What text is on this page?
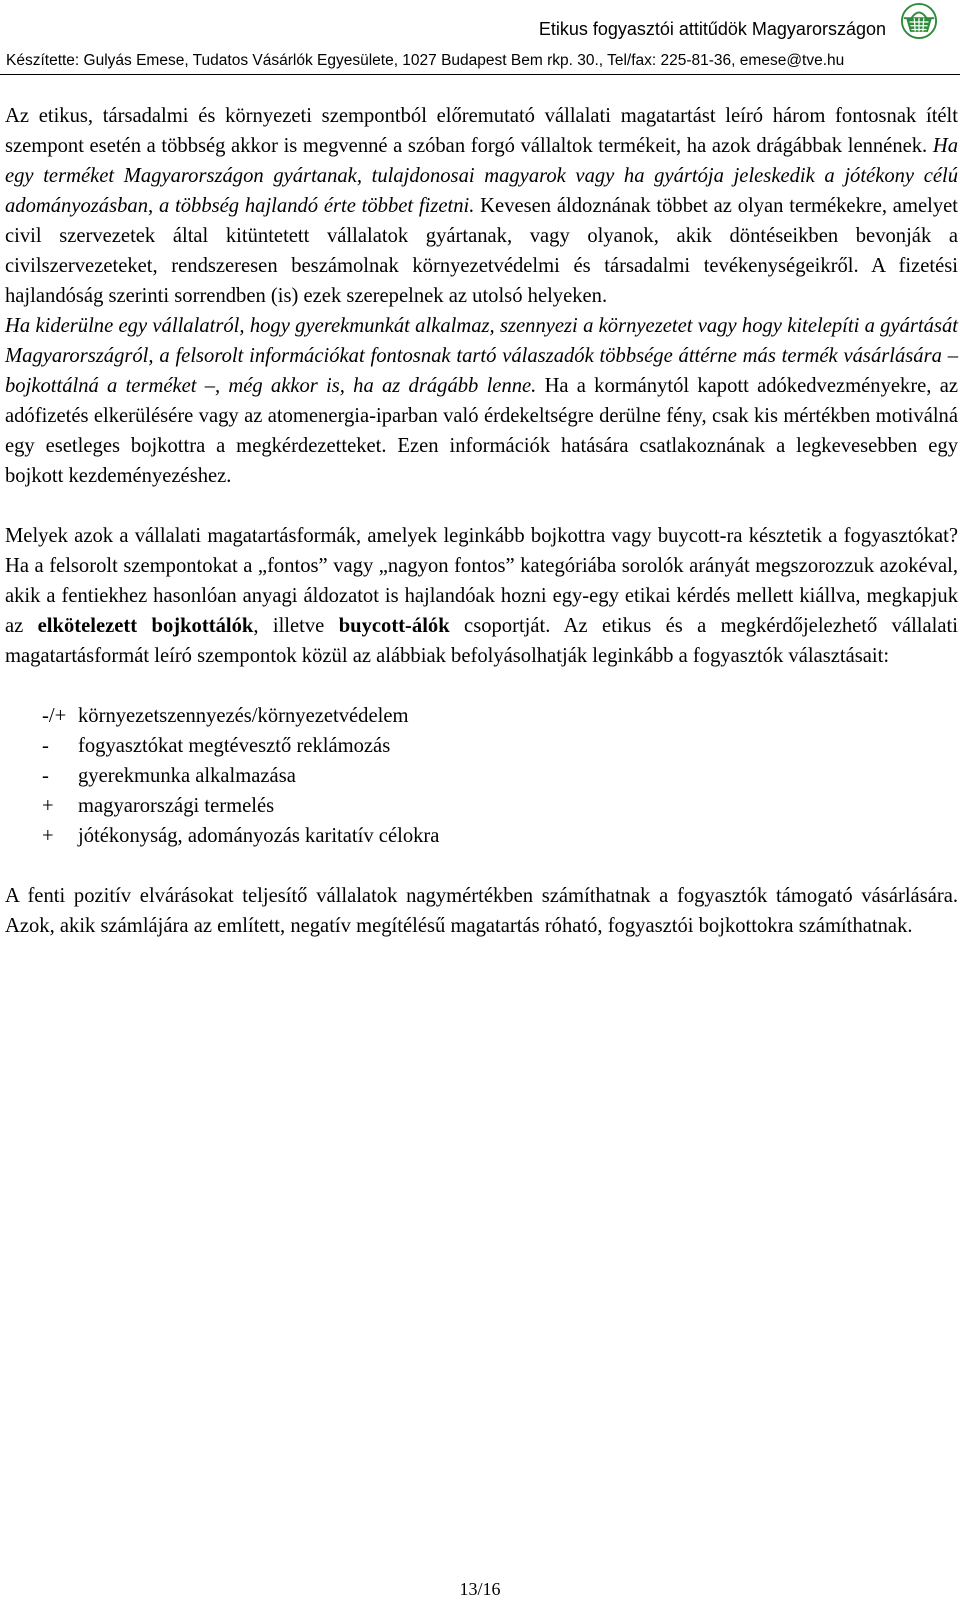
Etikus fogyasztói attitűdök Magyarországon
Készítette: Gulyás Emese, Tudatos Vásárlók Egyesülete, 1027 Budapest Bem rkp. 30., Tel/fax: 225-81-36, emese@tve.hu

Az etikus, társadalmi és környezeti szempontból előremutató vállalati magatartást leíró három fontosnak ítélt szempont esetén a többség akkor is megvenné a szóban forgó vállaltok termékeit, ha azok drágábbak lennének. Ha egy terméket Magyarországon gyártanak, tulajdonosai magyarok vagy ha gyártója jeleskedik a jótékony célú adományozásban, a többség hajlandó érte többet fizetni. Kevesen áldoznának többet az olyan termékekre, amelyet civil szervezetek által kitüntetett vállalatok gyártanak, vagy olyanok, akik döntéseikben bevonják a civilszervezeteket, rendszeresen beszámolnak környezetvédelmi és társadalmi tevékenységeikről. A fizetési hajlandóság szerinti sorrendben (is) ezek szerepelnek az utolsó helyeken.

Ha kiderülne egy vállalatról, hogy gyerekmunkát alkalmaz, szennyezi a környezetet vagy hogy kitelepíti a gyártását Magyarországról, a felsorolt információkat fontosnak tartó válaszadók többsége áttérne más termék vásárlására – bojkottálná a terméket –, még akkor is, ha az drágább lenne. Ha a kormánytól kapott adókedvezményekre, az adófizetés elkerülésére vagy az atomenergia-iparban való érdekeltségre derülne fény, csak kis mértékben motiválná egy esetleges bojkottra a megkérdezetteket. Ezen információk hatására csatlakoznának a legkevesebben egy bojkott kezdeményezéshez.

Melyek azok a vállalati magatartásformák, amelyek leginkább bojkottra vagy buycott-ra késztetik a fogyasztókat? Ha a felsorolt szempontokat a „fontos” vagy „nagyon fontos” kategóriába sorolók arányát megszorozzuk azokéval, akik a fentiekhez hasonlóan anyagi áldozatot is hajlandóak hozni egy-egy etikai kérdés mellett kiállva, megkapjuk az elkötelezett bojkottálók, illetve buycott-álók csoportját. Az etikus és a megkérdőjelezhető vállalati magatartásformát leíró szempontok közül az alábbiak befolyásolhatják leginkább a fogyasztók választásait:

-/+ környezetszennyezés/környezetvédelem
-	fogyasztókat megtévesztő reklámozás
-	gyerekmunka alkalmazása
+	magyarországi termelés
+	jótékonyság, adományozás karitatív célokra

A fenti pozitív elvárásokat teljesítő vállalatok nagymértékben számíthatnak a fogyasztók támogató vásárlására. Azok, akik számlájára az említett, negatív megítélésű magatartás róható, fogyasztói bojkottokra számíthatnak.

13/16
